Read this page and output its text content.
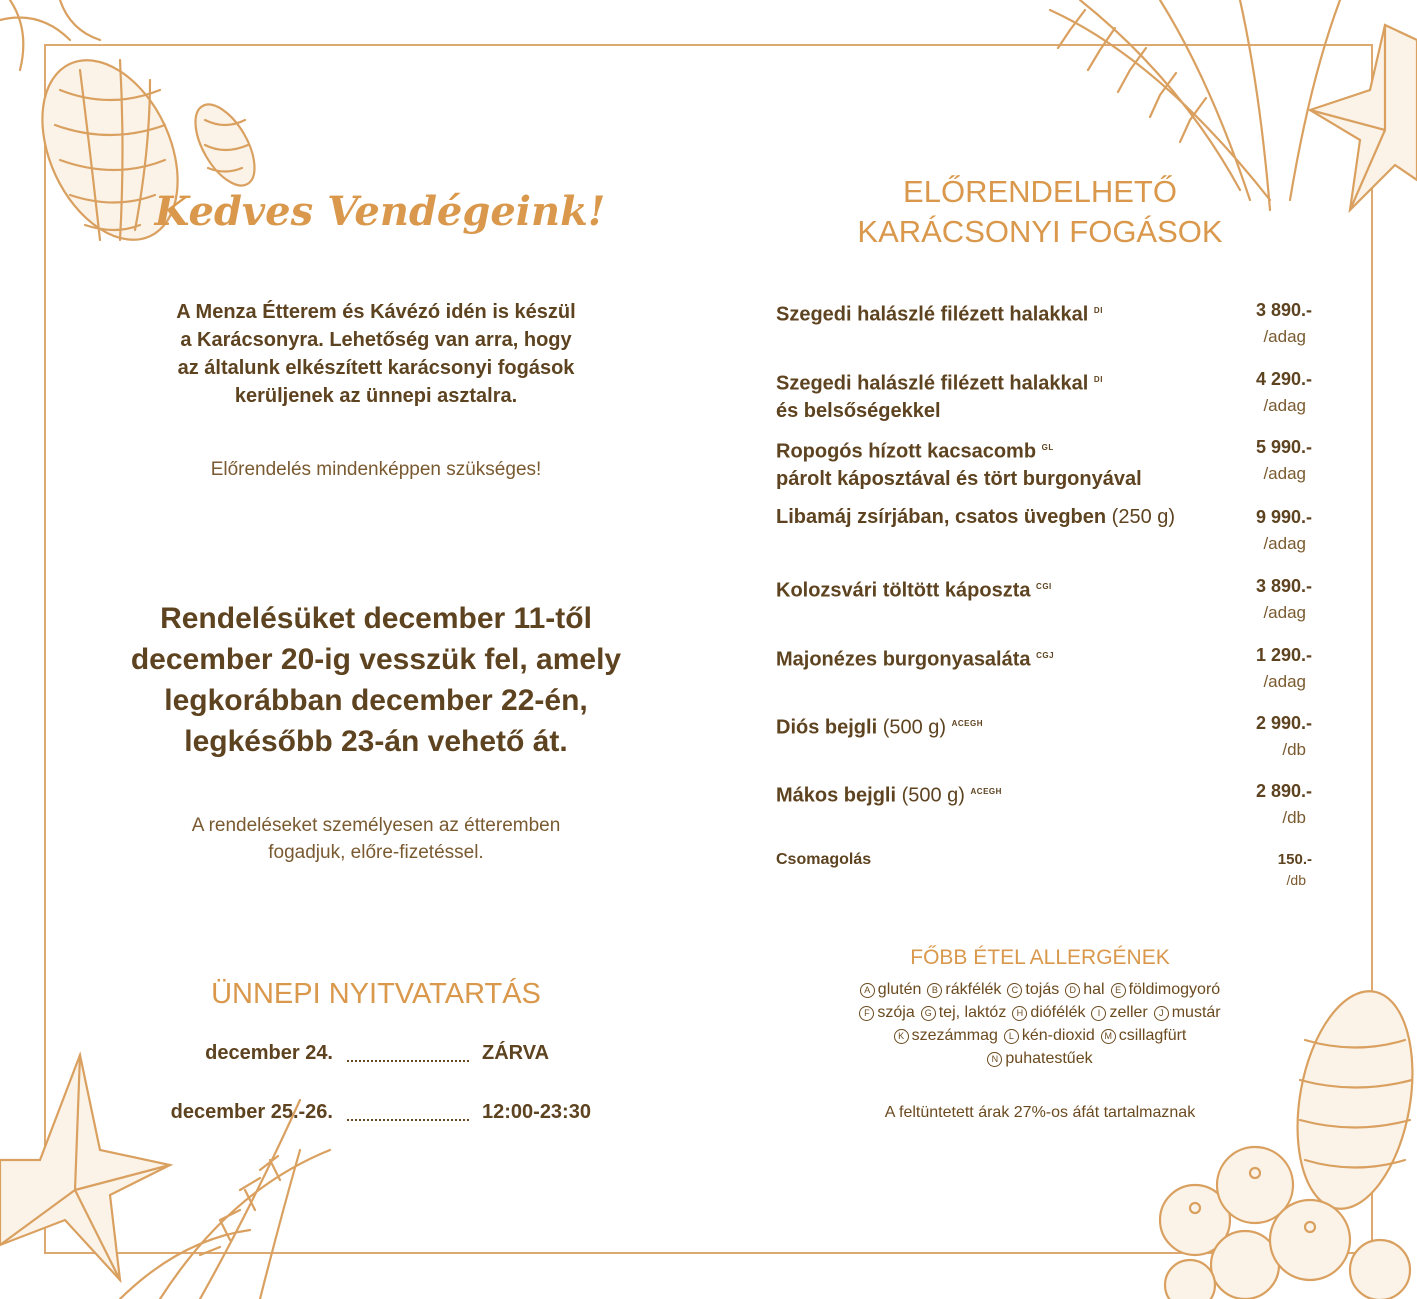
Kedves Vendégeink!
A Menza Étterem és Kávézó idén is készül
a Karácsonyra. Lehetőség van arra, hogy
az általunk elkészített karácsonyi fogások
kerüljenek az ünnepi asztalra.
Előrendelés mindenképpen szükséges!
Rendelésüket december 11-től
december 20-ig vesszük fel, amely
legkorábban december 22-én,
legkésőbb 23-án vehető át.
A rendeléseket személyesen az étteremben
fogadjuk, előre-fizetéssel.
ÜNNEPI NYITVATARTÁS
december 24.	ZÁRVA
december 25.-26.	12:00-23:30
ELŐRENDELHETŐ
KARÁCSONYI FOGÁSOK
Szegedi halászlé filézett halakkal $^{DI}$	3 890.-
/adag
Szegedi halászlé filézett halakkal $^{DI}$
és belsőségekkel
4 290.-
/adag
Ropogós hízott kacsacomb $^{GL}$
párolt káposztával és tört burgonyával
5 990.-
/adag
Libamáj zsírjában, csatos üvegben (250 g)	9 990.-
/adag
Kolozsvári töltött káposzta $^{CGI}$	3 890.-
/adag
Majonézes burgonyasaláta $^{CGJ}$	1 290.-
/adag
Diós bejgli (500 g) $^{ACEGH}$	2 990.-
/db
Mákos bejgli (500 g) $^{ACEGH}$	2 890.-
/db
Csomagolás	150.-
/db
FŐBB ÉTEL ALLERGÉNEK
A glutén B rákfélék C tojás D hal E földimogyoró
F szója G tej, laktóz H diófélék I zeller J mustár
K szezámmag L kén-dioxid M csillagfürt
N puhatestűek
A feltüntetett árak 27%-os áfát tartalmaznak
